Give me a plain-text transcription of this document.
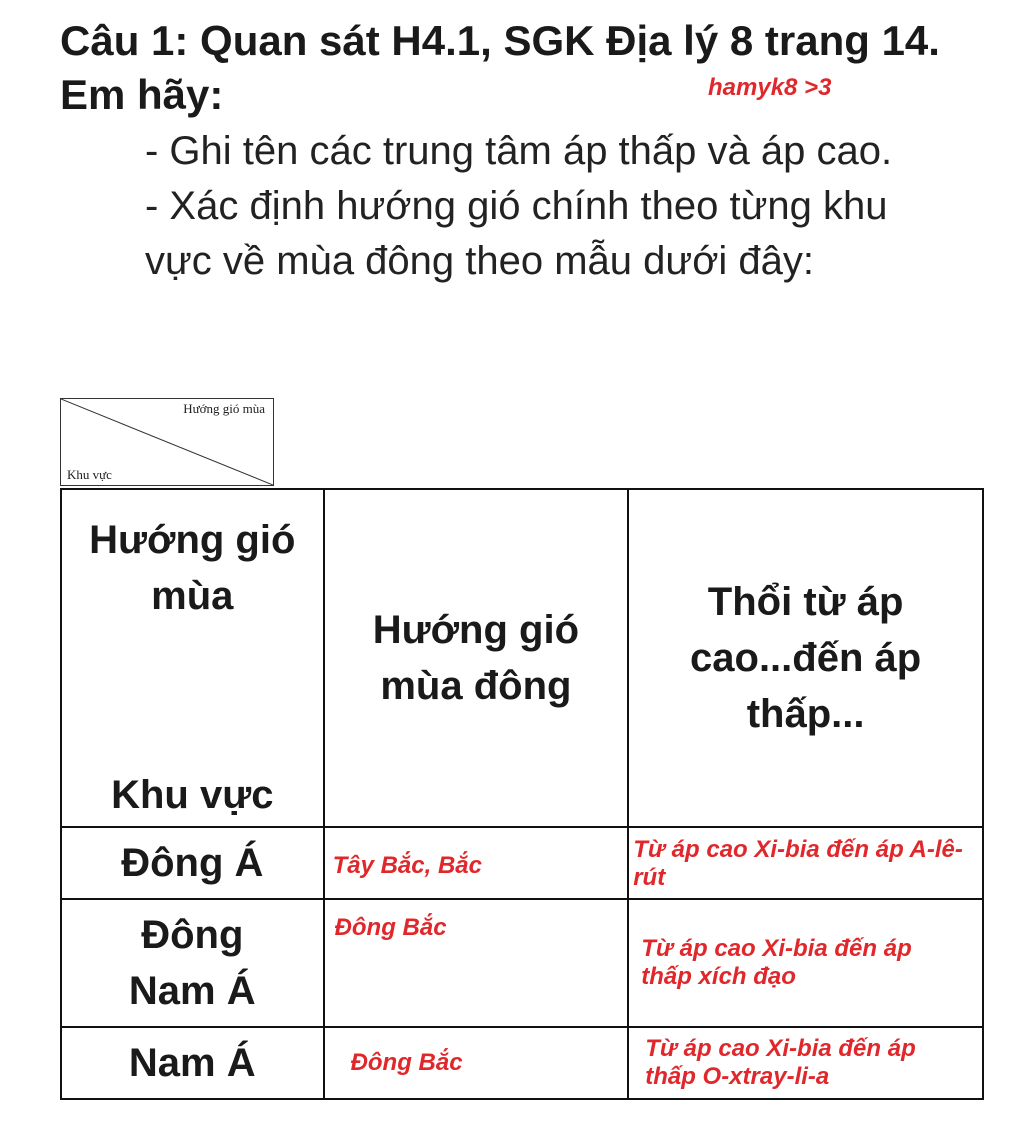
Câu 1: Quan sát H4.1, SGK Địa lý 8 trang 14.
Em hãy:	hamyk8 >3

- Ghi tên các trung tâm áp thấp và áp cao.

- Xác định hướng gió chính theo từng khu vực về mùa đông theo mẫu dưới đây:

Hướng gió mùa
Khu vực
Hướng gió mùa
Khu vực	Hướng gió mùa đông	Thổi từ áp cao...đến áp thấp...

Đông Á	Tây Bắc, Bắc	Từ áp cao Xi-bia đến áp A-lê-rút

Đông Nam Á	Đông Bắc	Từ áp cao Xi-bia đến áp thấp xích đạo

Nam Á	Đông Bắc	Từ áp cao Xi-bia đến áp thấp O-xtray-li-a
